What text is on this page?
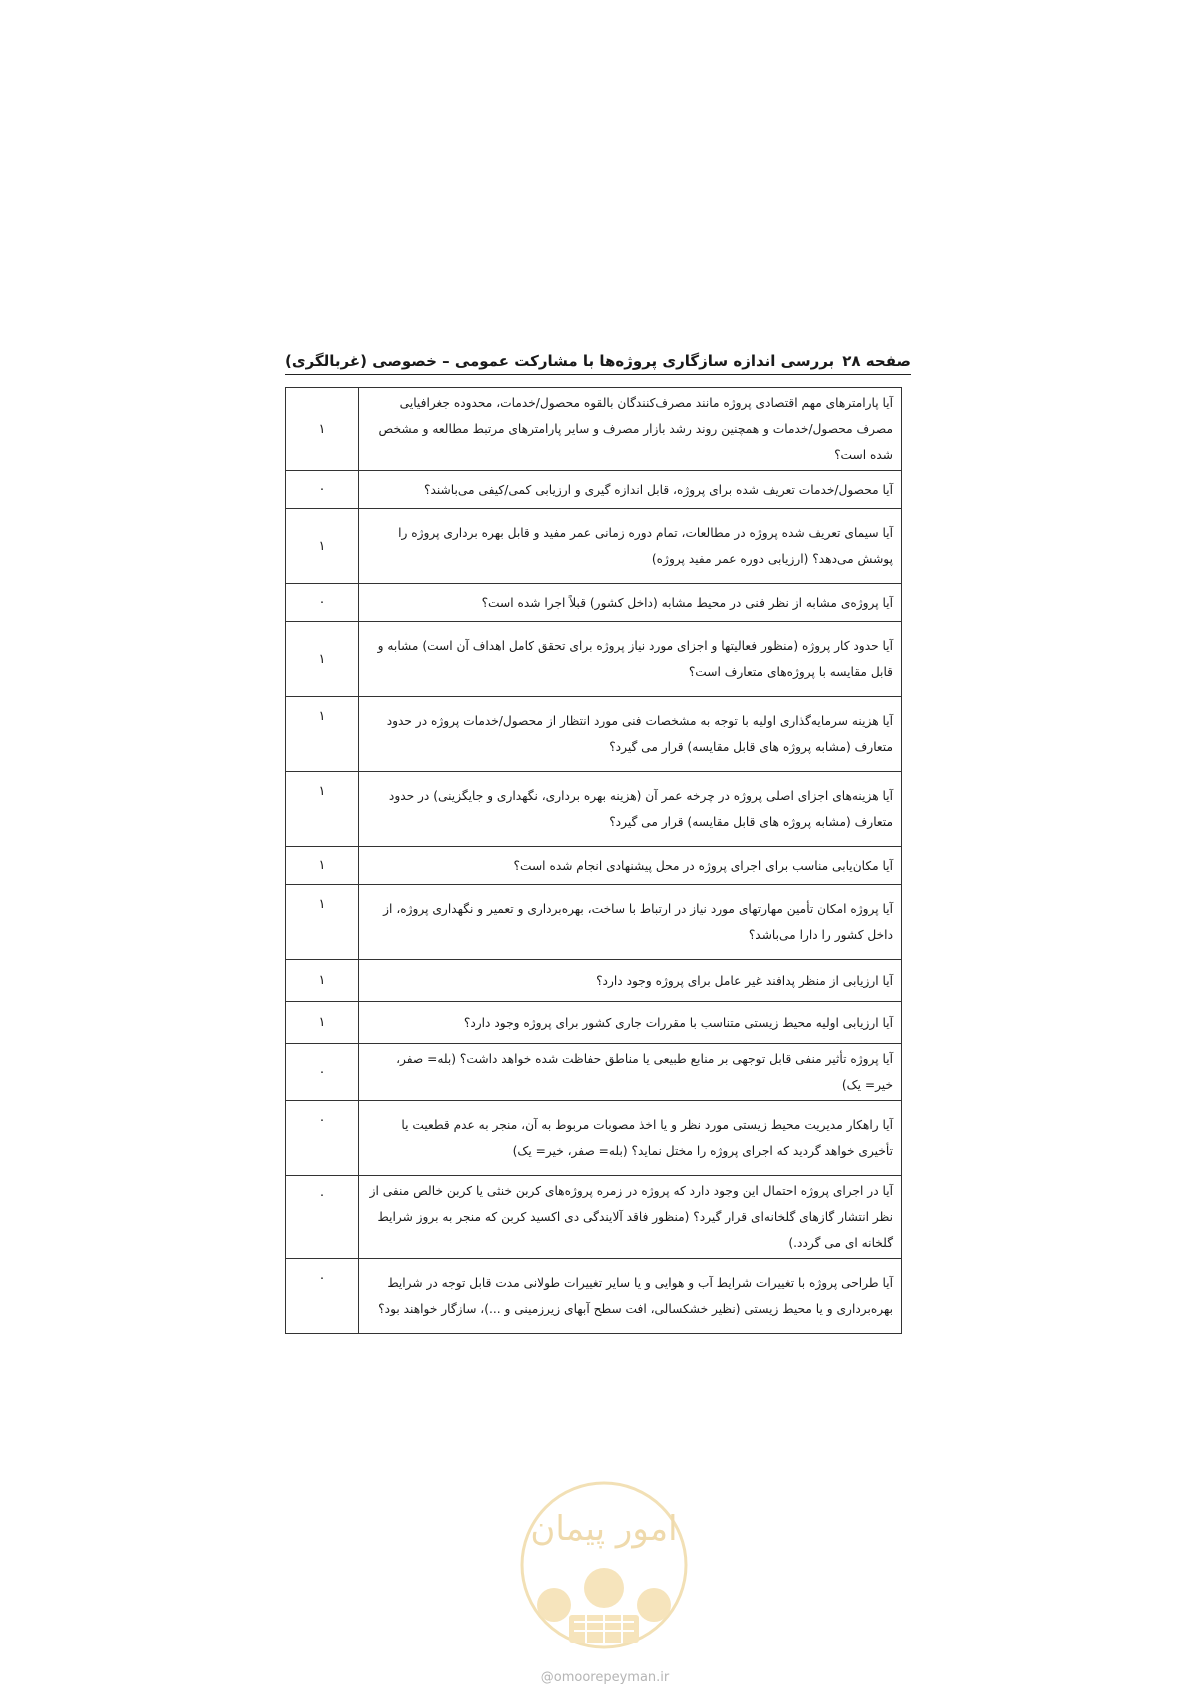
صفحه ۲۸
بررسی اندازه سازگاری پروژه‌ها با مشارکت عمومی – خصوصی (غربالگری)
آیا پارامترهای مهم اقتصادی پروژه مانند مصرف‌کنندگان بالقوه محصول/خدمات، محدوده جغرافیایی مصرف محصول/خدمات و همچنین روند رشد بازار مصرف و سایر پارامترهای مرتبط مطالعه و مشخص شده است؟	۱
آیا محصول/خدمات تعریف شده برای پروژه، قابل اندازه گیری و ارزیابی کمی/کیفی می‌باشند؟	۰
آیا سیمای تعریف شده پروژه در مطالعات، تمام دوره زمانی عمر مفید و قابل بهره برداری پروژه را پوشش می‌دهد؟ (ارزیابی دوره عمر مفید پروژه)	۱
آیا پروژه‌ی مشابه از نظر فنی در محیط مشابه (داخل کشور) قبلاً اجرا شده است؟	۰
آیا حدود کار پروژه (منظور فعالیتها و اجزای مورد نیاز پروژه برای تحقق کامل اهداف آن است) مشابه و قابل مقایسه با پروژه‌های متعارف است؟	۱
آیا هزینه سرمایه‌گذاری اولیه با توجه به مشخصات فنی مورد انتظار از محصول/خدمات پروژه در حدود متعارف (مشابه پروژه های قابل مقایسه) قرار می گیرد؟	۱
آیا هزینه‌های اجزای اصلی پروژه در چرخه عمر آن (هزینه بهره برداری، نگهداری و جایگزینی) در حدود متعارف (مشابه پروژه های قابل مقایسه) قرار می گیرد؟	۱
آیا مکان‌یابی مناسب برای اجرای پروژه در محل پیشنهادی انجام شده است؟	۱
آیا پروژه امکان تأمین مهارتهای مورد نیاز در ارتباط با ساخت، بهره‌برداری و تعمیر و نگهداری پروژه، از داخل کشور را دارا می‌باشد؟	۱
آیا ارزیابی از منظر پدافند غیر عامل برای پروژه وجود دارد؟	۱
آیا ارزیابی اولیه محیط زیستی متناسب با مقررات جاری کشور برای پروژه وجود دارد؟	۱
آیا پروژه تأثیر منفی قابل توجهی بر منابع طبیعی یا مناطق حفاظت شده خواهد داشت؟ (بله= صفر، خیر= یک)	۰
آیا راهکار مدیریت محیط زیستی مورد نظر و یا اخذ مصوبات مربوط به آن، منجر به عدم قطعیت یا تأخیری خواهد گردید که اجرای پروژه را مختل نماید؟ (بله= صفر، خیر= یک)	۰
آیا در اجرای پروژه احتمال این وجود دارد که پروژه در زمره پروژه‌های کربن خنثی یا کربن خالص منفی از نظر انتشار گازهای گلخانه‌ای قرار گیرد؟ (منظور فاقد آلایندگی دی اکسید کربن که منجر به بروز شرایط گلخانه ای می گردد.)	۰
آیا طراحی پروژه با تغییرات شرایط آب و هوایی و یا سایر تغییرات طولانی مدت قابل توجه در شرایط بهره‌برداری و یا محیط زیستی (نظیر خشکسالی، افت سطح آبهای زیرزمینی و ...)، سازگار خواهند بود؟	۰
امور پیمان
@omoorepeyman.ir
